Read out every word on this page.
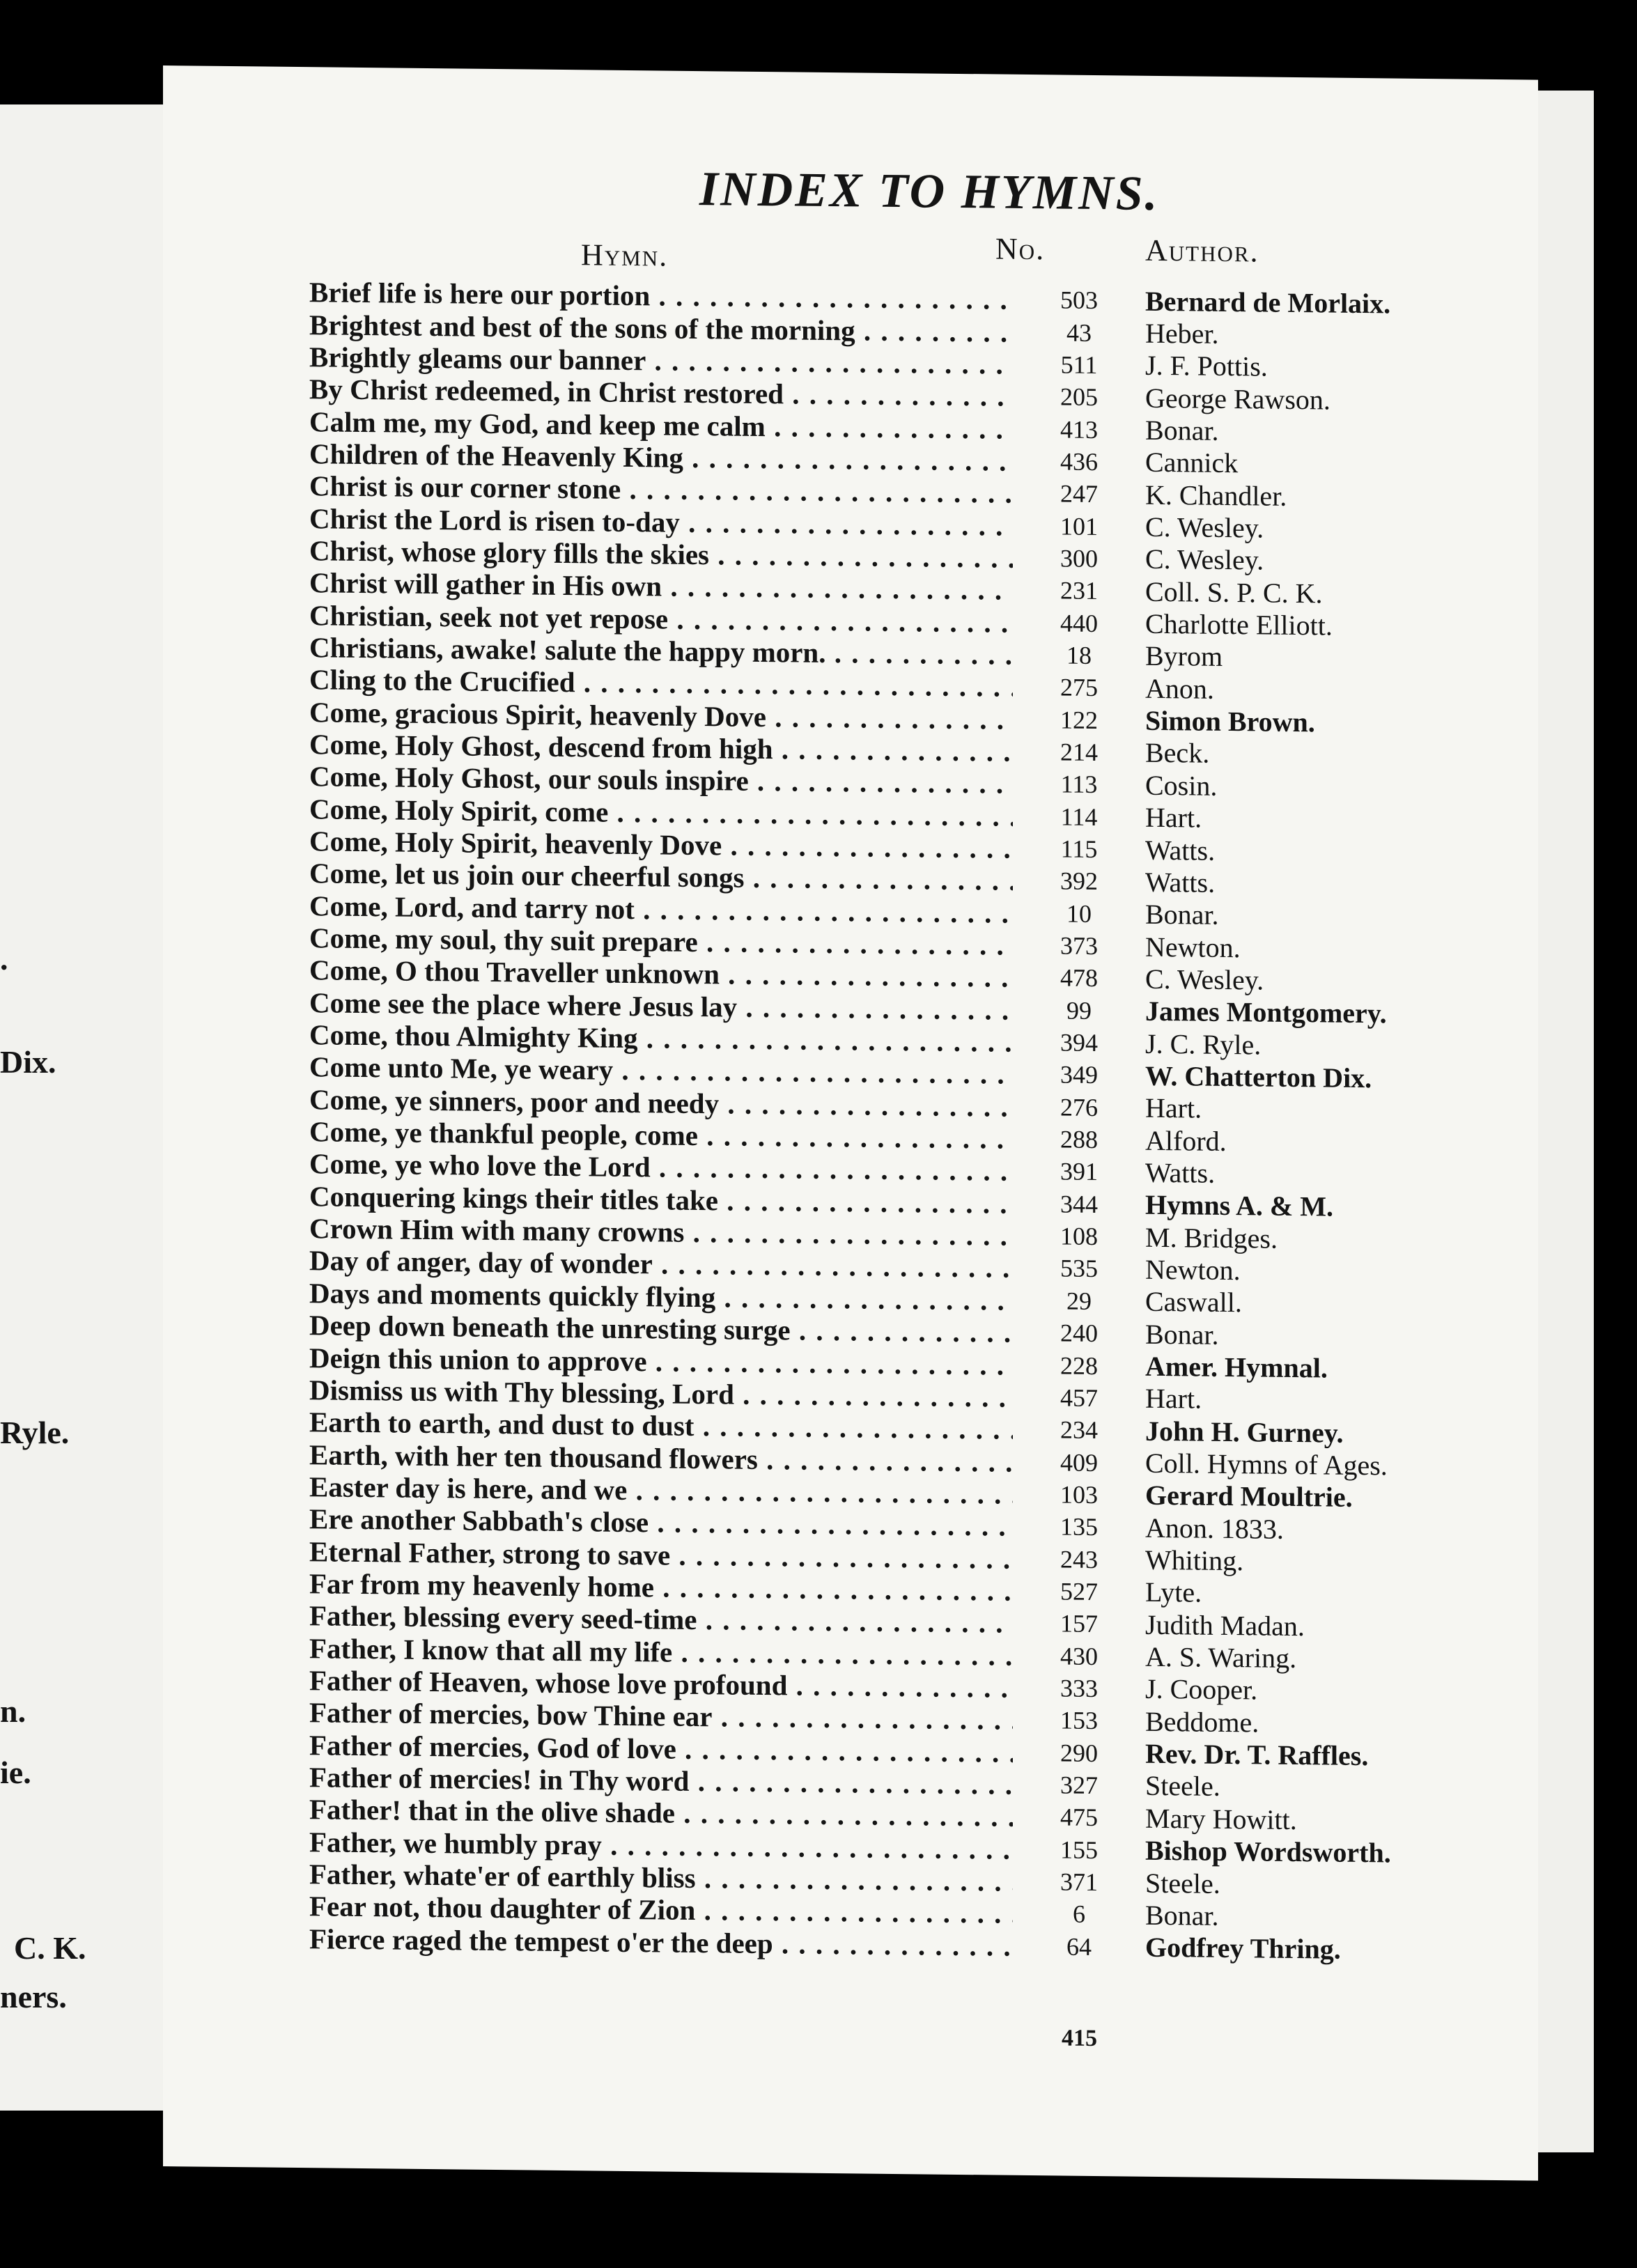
.
Dix.
Ryle.
n.
ie.
C. K.
ners.
INDEX TO HYMNS.
Hymn.	No.	Author.
Brief life is here our portion . . .	503	Bernard de Morlaix.
Brightest and best of the sons of the morning . . .	43	Heber.
Brightly gleams our banner . . .	511	J. F. Pottis.
By Christ redeemed, in Christ restored . . .	205	George Rawson.
Calm me, my God, and keep me calm . . .	413	Bonar.
Children of the Heavenly King . . .	436	Cannick
Christ is our corner stone . . .	247	K. Chandler.
Christ the Lord is risen to-day . . .	101	C. Wesley.
Christ, whose glory fills the skies . . .	300	C. Wesley.
Christ will gather in His own . . .	231	Coll. S. P. C. K.
Christian, seek not yet repose . . .	440	Charlotte Elliott.
Christians, awake! salute the happy morn. . . .	18	Byrom
Cling to the Crucified . . .	275	Anon.
Come, gracious Spirit, heavenly Dove . . .	122	Simon Brown.
Come, Holy Ghost, descend from high . . .	214	Beck.
Come, Holy Ghost, our souls inspire . . .	113	Cosin.
Come, Holy Spirit, come . . .	114	Hart.
Come, Holy Spirit, heavenly Dove . . .	115	Watts.
Come, let us join our cheerful songs . . .	392	Watts.
Come, Lord, and tarry not . . .	10	Bonar.
Come, my soul, thy suit prepare . . .	373	Newton.
Come, O thou Traveller unknown . . .	478	C. Wesley.
Come see the place where Jesus lay . . .	99	James Montgomery.
Come, thou Almighty King . . .	394	J. C. Ryle.
Come unto Me, ye weary . . .	349	W. Chatterton Dix.
Come, ye sinners, poor and needy . . .	276	Hart.
Come, ye thankful people, come . . .	288	Alford.
Come, ye who love the Lord . . .	391	Watts.
Conquering kings their titles take . . .	344	Hymns A. & M.
Crown Him with many crowns . . .	108	M. Bridges.
Day of anger, day of wonder . . .	535	Newton.
Days and moments quickly flying . . .	29	Caswall.
Deep down beneath the unresting surge . . .	240	Bonar.
Deign this union to approve . . .	228	Amer. Hymnal.
Dismiss us with Thy blessing, Lord . . .	457	Hart.
Earth to earth, and dust to dust . . .	234	John H. Gurney.
Earth, with her ten thousand flowers . . .	409	Coll. Hymns of Ages.
Easter day is here, and we . . .	103	Gerard Moultrie.
Ere another Sabbath's close . . .	135	Anon. 1833.
Eternal Father, strong to save . . .	243	Whiting.
Far from my heavenly home . . .	527	Lyte.
Father, blessing every seed-time . . .	157	Judith Madan.
Father, I know that all my life . . .	430	A. S. Waring.
Father of Heaven, whose love profound . . .	333	J. Cooper.
Father of mercies, bow Thine ear . . .	153	Beddome.
Father of mercies, God of love . . .	290	Rev. Dr. T. Raffles.
Father of mercies! in Thy word . . .	327	Steele.
Father! that in the olive shade . . .	475	Mary Howitt.
Father, we humbly pray . . .	155	Bishop Wordsworth.
Father, whate'er of earthly bliss . . .	371	Steele.
Fear not, thou daughter of Zion . . .	6	Bonar.
Fierce raged the tempest o'er the deep . . .	64	Godfrey Thring.
415
